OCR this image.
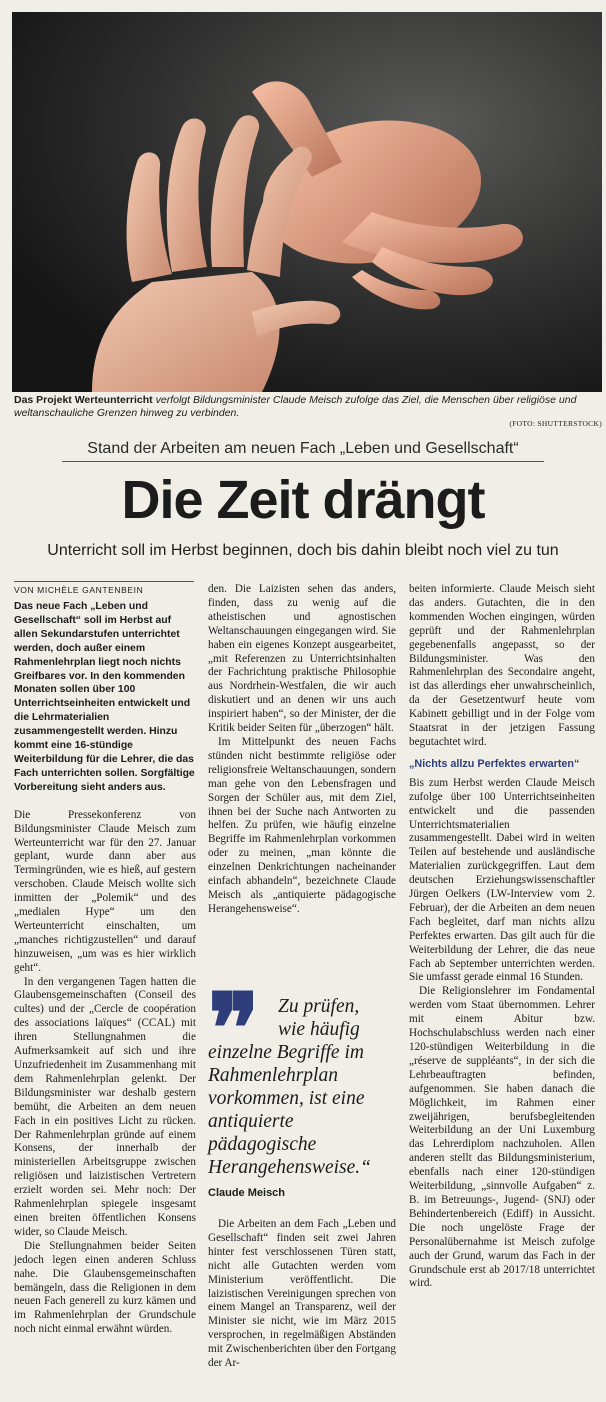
Das Projekt Werteunterricht verfolgt Bildungsminister Claude Meisch zufolge das Ziel, die Menschen über religiöse und weltanschauliche Grenzen hinweg zu verbinden.
(FOTO: SHUTTERSTOCK)
Stand der Arbeiten am neuen Fach „Leben und Gesellschaft“
Die Zeit drängt
Unterricht soll im Herbst beginnen, doch bis dahin bleibt noch viel zu tun
VON MICHÈLE GANTENBEIN

Das neue Fach „Leben und Gesellschaft“ soll im Herbst auf allen Sekundarstufen unterrichtet werden, doch außer einem Rahmenlehrplan liegt noch nichts Greifbares vor. In den kommenden Monaten sollen über 100 Unterrichtseinheiten entwickelt und die Lehrmaterialien zusammengestellt werden. Hinzu kommt eine 16-stündige Weiterbildung für die Lehrer, die das Fach unterrichten sollen. Sorgfältige Vorbereitung sieht anders aus.

Die Pressekonferenz von Bildungsminister Claude Meisch zum Werteunterricht war für den 27. Januar geplant, wurde dann aber aus Termingründen, wie es hieß, auf gestern verschoben. Claude Meisch wollte sich inmitten der „Polemik“ und des „medialen Hype“ um den Werteunterricht einschalten, um „manches richtigzustellen“ und darauf hinzuweisen, „um was es hier wirklich geht“.

In den vergangenen Tagen hatten die Glaubensgemeinschaften (Conseil des cultes) und der „Cercle de coopération des associations laïques“ (CCAL) mit ihren Stellungnahmen die Aufmerksamkeit auf sich und ihre Unzufriedenheit im Zusammenhang mit dem Rahmenlehrplan gelenkt. Der Bildungsminister war deshalb gestern bemüht, die Arbeiten an dem neuen Fach in ein positives Licht zu rücken. Der Rahmenlehrplan gründe auf einem Konsens, der innerhalb der ministeriellen Arbeitsgruppe zwischen religiösen und laizistischen Vertretern erzielt worden sei. Mehr noch: Der Rahmenlehrplan spiegele insgesamt einen breiten öffentlichen Konsens wider, so Claude Meisch.

Die Stellungnahmen beider Seiten jedoch legen einen anderen Schluss nahe. Die Glaubensgemeinschaften bemängeln, dass die Religionen in dem neuen Fach generell zu kurz kämen und im Rahmenlehrplan der Grundschule noch nicht einmal erwähnt würden.

den. Die Laizisten sehen das anders, finden, dass zu wenig auf die atheistischen und agnostischen Weltanschauungen eingegangen wird. Sie haben ein eigenes Konzept ausgearbeitet, „mit Referenzen zu Unterrichtsinhalten der Fachrichtung praktische Philosophie aus Nordrhein-Westfalen, die wir auch diskutiert und an denen wir uns auch inspiriert haben“, so der Minister, der die Kritik beider Seiten für „überzogen“ hält.

Im Mittelpunkt des neuen Fachs stünden nicht bestimmte religiöse oder religionsfreie Weltanschauungen, sondern man gehe von den Lebensfragen und Sorgen der Schüler aus, mit dem Ziel, ihnen bei der Suche nach Antworten zu helfen. Zu prüfen, wie häufig einzelne Begriffe im Rahmenlehrplan vorkommen oder zu meinen, „man könnte die einzelnen Denkrichtungen nacheinander einfach abhandeln“, bezeichnete Claude Meisch als „antiquierte pädagogische Herangehensweise“.

❞	Zu prüfen,
wie häufig
einzelne Begriffe im Rahmenlehrplan vorkommen, ist eine antiquierte pädagogische Herangehensweise.“
Claude Meisch

Die Arbeiten an dem Fach „Leben und Gesellschaft“ finden seit zwei Jahren hinter fest verschlossenen Türen statt, nicht alle Gutachten werden vom Ministerium veröffentlicht. Die laizistischen Vereinigungen sprechen von einem Mangel an Transparenz, weil der Minister sie nicht, wie im März 2015 versprochen, in regelmäßigen Abständen mit Zwischenberichten über den Fortgang der Ar-

beiten informierte. Claude Meisch sieht das anders. Gutachten, die in den kommenden Wochen eingingen, würden geprüft und der Rahmenlehrplan gegebenenfalls angepasst, so der Bildungsminister. Was den Rahmenlehrplan des Secondaire angeht, ist das allerdings eher unwahrscheinlich, da der Gesetzentwurf heute vom Kabinett gebilligt und in der Folge vom Staatsrat in der jetzigen Fassung begutachtet wird.

„Nichts allzu Perfektes erwarten“

Bis zum Herbst werden Claude Meisch zufolge über 100 Unterrichtseinheiten entwickelt und die passenden Unterrichtsmaterialien zusammengestellt. Dabei wird in weiten Teilen auf bestehende und ausländische Materialien zurückgegriffen. Laut dem deutschen Erziehungswissenschaftler Jürgen Oelkers (LW-Interview vom 2. Februar), der die Arbeiten an dem neuen Fach begleitet, darf man nichts allzu Perfektes erwarten. Das gilt auch für die Weiterbildung der Lehrer, die das neue Fach ab September unterrichten werden. Sie umfasst gerade einmal 16 Stunden.

Die Religionslehrer im Fondamental werden vom Staat übernommen. Lehrer mit einem Abitur bzw. Hochschulabschluss werden nach einer 120-stündigen Weiterbildung in die „réserve de suppléants“, in der sich die Lehrbeauftragten befinden, aufgenommen. Sie haben danach die Möglichkeit, im Rahmen einer zweijährigen, berufsbegleitenden Weiterbildung an der Uni Luxemburg das Lehrerdiplom nachzuholen. Allen anderen stellt das Bildungsministerium, ebenfalls nach einer 120-stündigen Weiterbildung, „sinnvolle Aufgaben“ z. B. im Betreuungs-, Jugend- (SNJ) oder Behindertenbereich (Ediff) in Aussicht. Die noch ungelöste Frage der Personalübernahme ist Meisch zufolge auch der Grund, warum das Fach in der Grundschule erst ab 2017/18 unterrichtet wird.
